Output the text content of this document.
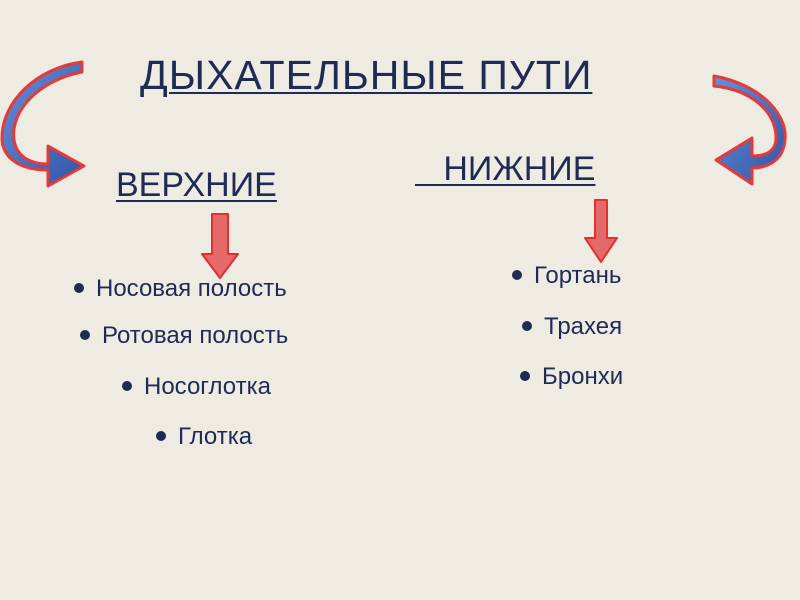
ДЫХАТЕЛЬНЫЕ ПУТИ
ВЕРХНИЕ	НИЖНИЕ
Носовая полость
Ротовая полость
Носоглотка
Глотка
Гортань
Трахея
Бронхи
